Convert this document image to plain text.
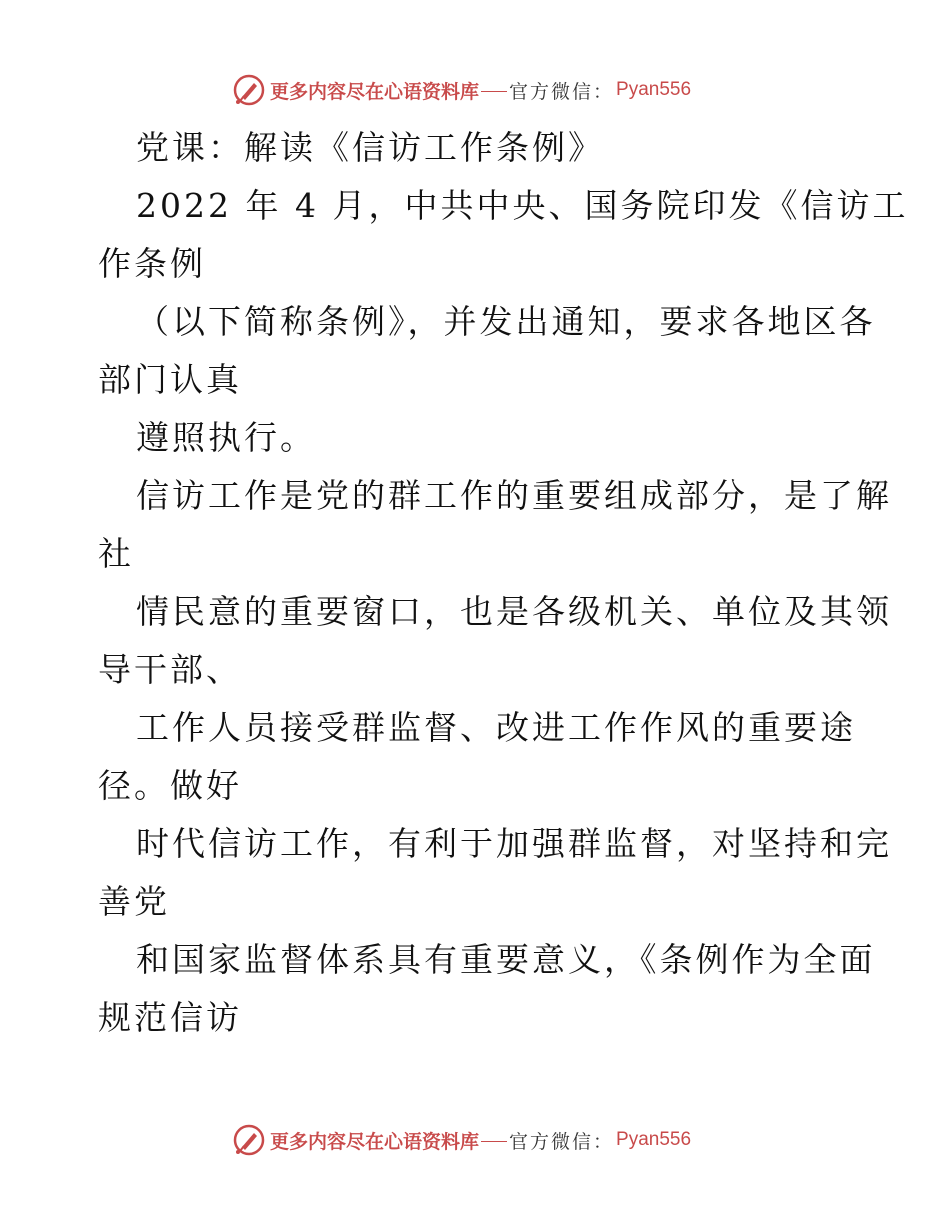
更多内容尽在心语资料库 官方微信： Pyan556
党课：解读《信访工作条例》
2022 年 4 月，中共中央、国务院印发《信访工
作条例
（以下简称条例》，并发出通知，要求各地区各
部门认真
遵照执行。
信访工作是党的群工作的重要组成部分，是了解
社
情民意的重要窗口，也是各级机关、单位及其领
导干部、
工作人员接受群监督、改进工作作风的重要途
径。做好
时代信访工作，有利于加强群监督，对坚持和完
善党
和国家监督体系具有重要意义，《条例作为全面
规范信访
更多内容尽在心语资料库 官方微信： Pyan556
